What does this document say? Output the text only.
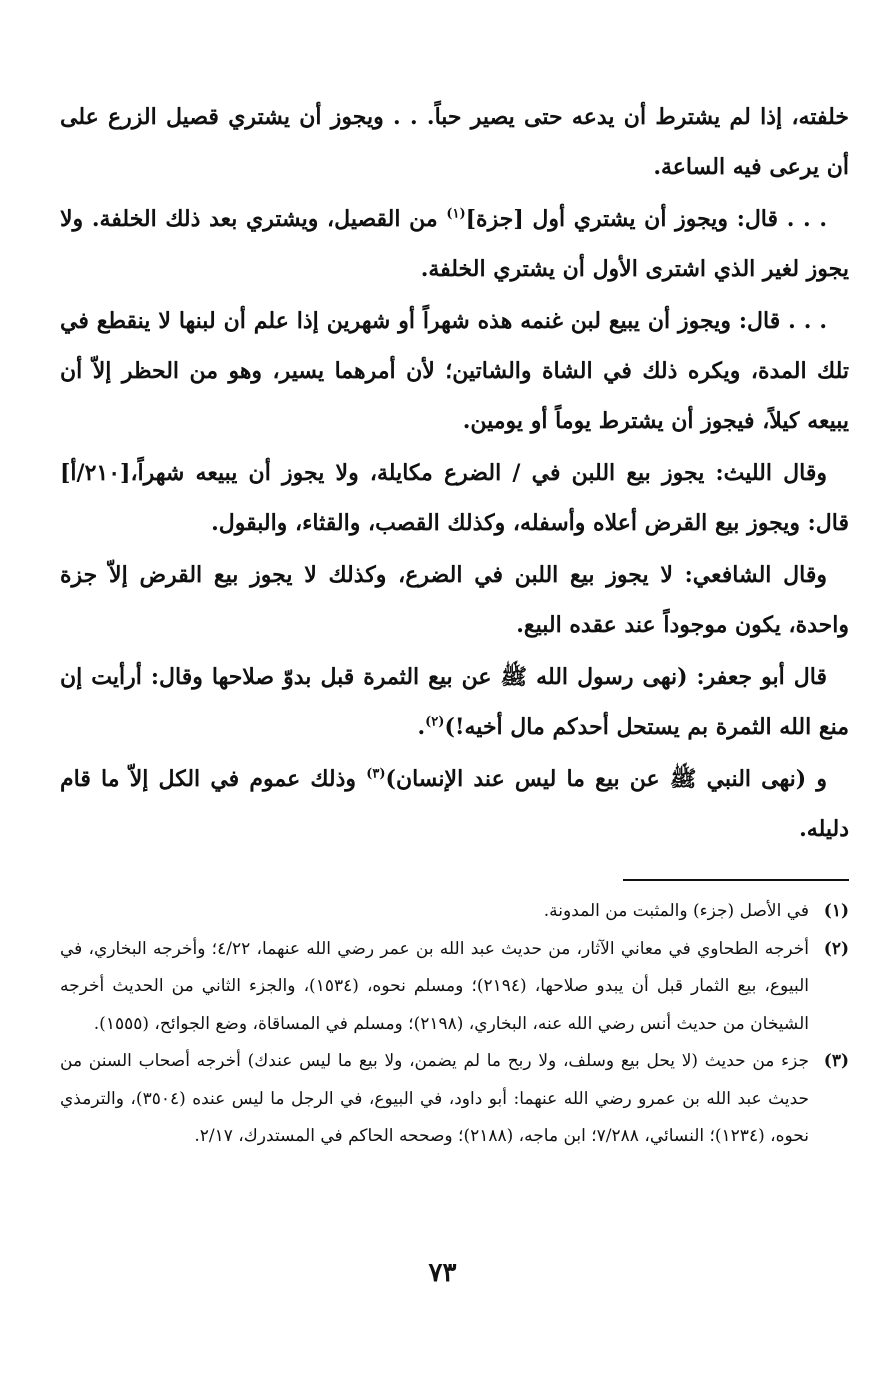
خلفته، إذا لم يشترط أن يدعه حتى يصير حباً. . . ويجوز أن يشتري قصيل الزرع على أن يرعى فيه الساعة.

. . . قال: ويجوز أن يشتري أول [جزة]$^{(١)}$ من القصيل، ويشتري بعد ذلك الخلفة. ولا يجوز لغير الذي اشترى الأول أن يشتري الخلفة.

. . . قال: ويجوز أن يبيع لبن غنمه هذه شهراً أو شهرين إذا علم أن لبنها لا ينقطع في تلك المدة، ويكره ذلك في الشاة والشاتين؛ لأن أمرهما يسير، وهو من الحظر إلاّ أن يبيعه كيلاً، فيجوز أن يشترط يوماً أو يومين.

وقال الليث: يجوز بيع اللبن في / الضرع مكايلة، ولا يجوز أن يبيعه شهراً،[٢١٠/أ] قال: ويجوز بيع القرض أعلاه وأسفله، وكذلك القصب، والقثاء، والبقول.

وقال الشافعي: لا يجوز بيع اللبن في الضرع، وكذلك لا يجوز بيع القرض إلاّ جزة واحدة، يكون موجوداً عند عقده البيع.

قال أبو جعفر: (نهى رسول الله ﷺ عن بيع الثمرة قبل بدوّ صلاحها وقال: أرأيت إن منع الله الثمرة بم يستحل أحدكم مال أخيه!)$^{(٢)}$.

و (نهى النبي ﷺ عن بيع ما ليس عند الإنسان)$^{(٣)}$ وذلك عموم في الكل إلاّ ما قام دليله.

(١)
في الأصل (جزء) والمثبت من المدونة.
(٢)
أخرجه الطحاوي في معاني الآثار، من حديث عبد الله بن عمر رضي الله عنهما، ٤/٢٢؛ وأخرجه البخاري، في البيوع، بيع الثمار قبل أن يبدو صلاحها، (٢١٩٤)؛ ومسلم نحوه، (١٥٣٤)، والجزء الثاني من الحديث أخرجه الشيخان من حديث أنس رضي الله عنه، البخاري، (٢١٩٨)؛ ومسلم في المساقاة، وضع الجوائح، (١٥٥٥).
(٣)
جزء من حديث (لا يحل بيع وسلف، ولا ربح ما لم يضمن، ولا بيع ما ليس عندك) أخرجه أصحاب السنن من حديث عبد الله بن عمرو رضي الله عنهما: أبو داود، في البيوع، في الرجل ما ليس عنده (٣٥٠٤)، والترمذي نحوه، (١٢٣٤)؛ النسائي، ٧/٢٨٨؛ ابن ماجه، (٢١٨٨)؛ وصححه الحاكم في المستدرك، ٢/١٧.
٧٣
